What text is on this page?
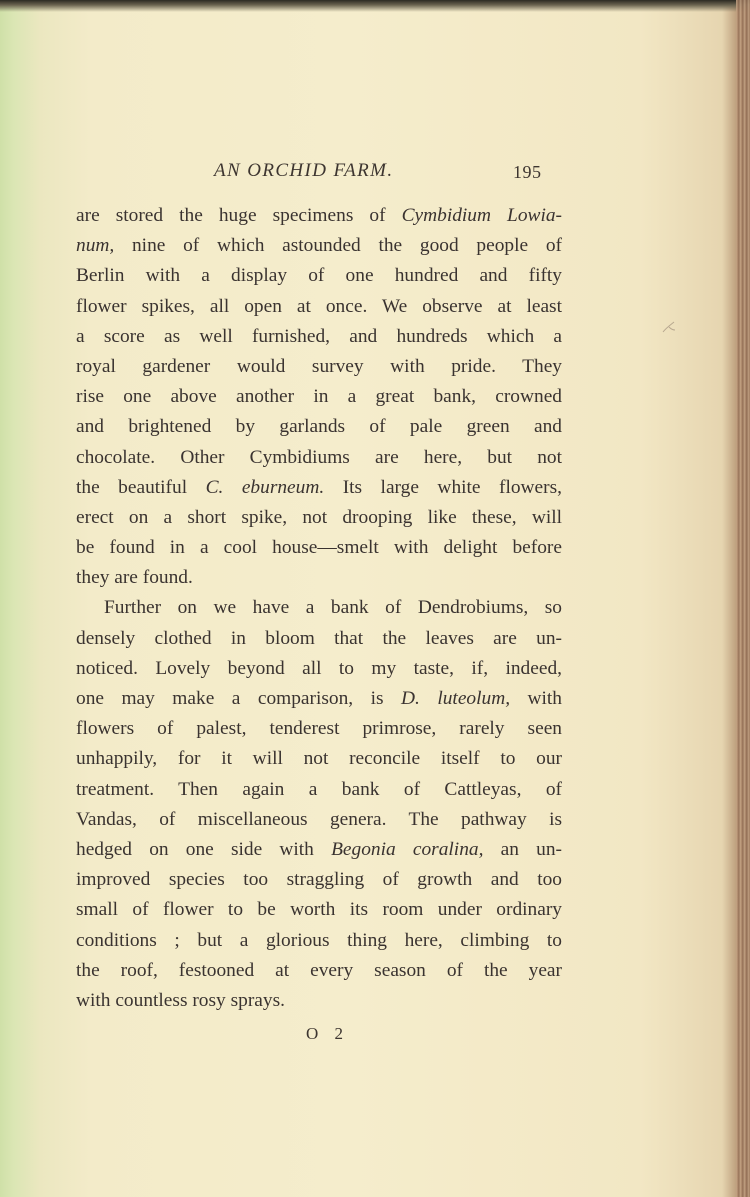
AN ORCHID FARM.	195
are stored the huge specimens of Cymbidium Lowia-
num, nine of which astounded the good people of
Berlin with a display of one hundred and fifty
flower spikes, all open at once. We observe at least
a score as well furnished, and hundreds which a
royal gardener would survey with pride. They
rise one above another in a great bank, crowned
and brightened by garlands of pale green and
chocolate. Other Cymbidiums are here, but not
the beautiful C. eburneum. Its large white flowers,
erect on a short spike, not drooping like these, will
be found in a cool house—smelt with delight before
they are found.
Further on we have a bank of Dendrobiums, so
densely clothed in bloom that the leaves are un-
noticed. Lovely beyond all to my taste, if, indeed,
one may make a comparison, is D. luteolum, with
flowers of palest, tenderest primrose, rarely seen
unhappily, for it will not reconcile itself to our
treatment. Then again a bank of Cattleyas, of
Vandas, of miscellaneous genera. The pathway is
hedged on one side with Begonia coralina, an un-
improved species too straggling of growth and too
small of flower to be worth its room under ordinary
conditions ; but a glorious thing here, climbing to
the roof, festooned at every season of the year
with countless rosy sprays.
O 2
